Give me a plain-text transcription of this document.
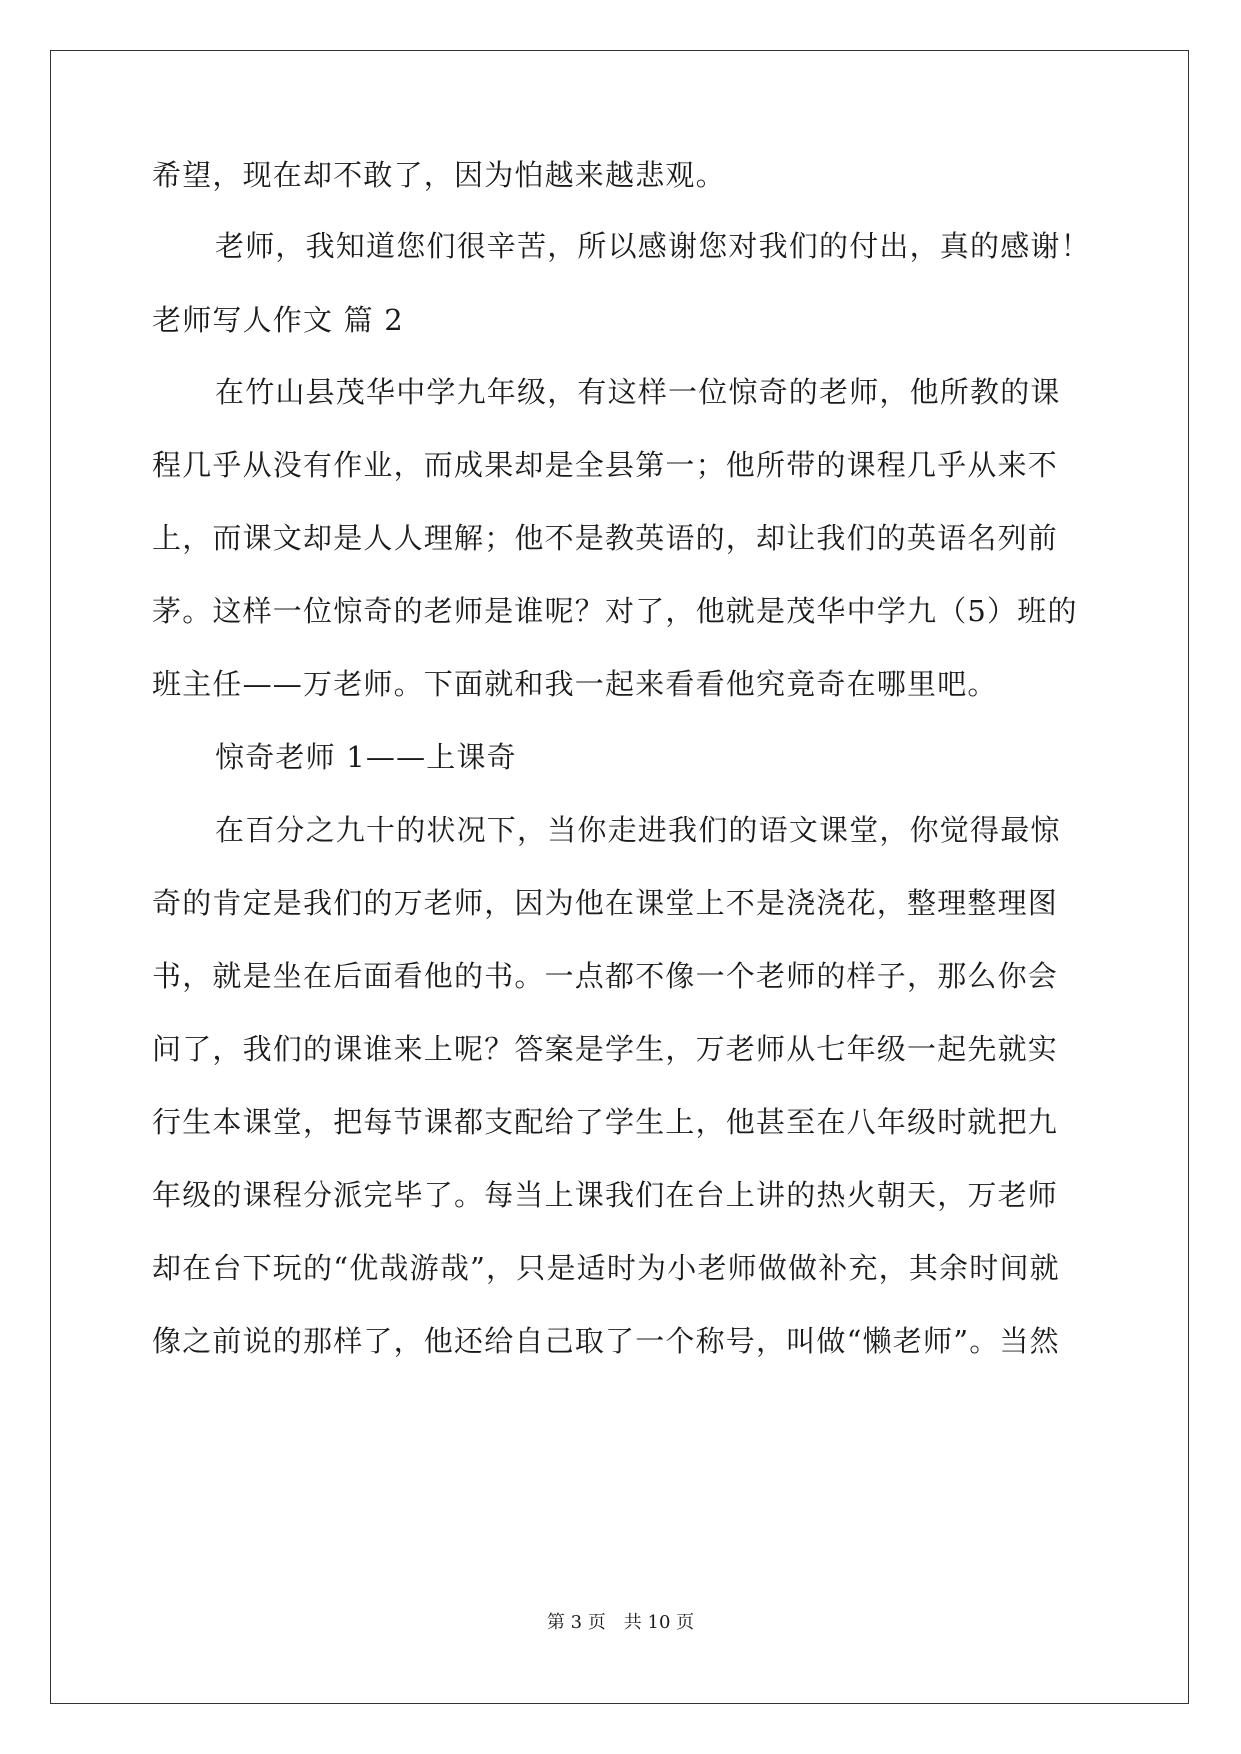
希望，现在却不敢了，因为怕越来越悲观。
老师，我知道您们很辛苦，所以感谢您对我们的付出，真的感谢！
老师写人作文 篇 2
在竹山县茂华中学九年级，有这样一位惊奇的老师，他所教的课
程几乎从没有作业，而成果却是全县第一；他所带的课程几乎从来不
上，而课文却是人人理解；他不是教英语的，却让我们的英语名列前
茅。这样一位惊奇的老师是谁呢？对了，他就是茂华中学九（5）班的
班主任——万老师。下面就和我一起来看看他究竟奇在哪里吧。
惊奇老师 1——上课奇
在百分之九十的状况下，当你走进我们的语文课堂，你觉得最惊
奇的肯定是我们的万老师，因为他在课堂上不是浇浇花，整理整理图
书，就是坐在后面看他的书。一点都不像一个老师的样子，那么你会
问了，我们的课谁来上呢？答案是学生，万老师从七年级一起先就实
行生本课堂，把每节课都支配给了学生上，他甚至在八年级时就把九
年级的课程分派完毕了。每当上课我们在台上讲的热火朝天，万老师
却在台下玩的“优哉游哉”，只是适时为小老师做做补充，其余时间就
像之前说的那样了，他还给自己取了一个称号，叫做“懒老师”。当然
第 3 页 共 10 页
